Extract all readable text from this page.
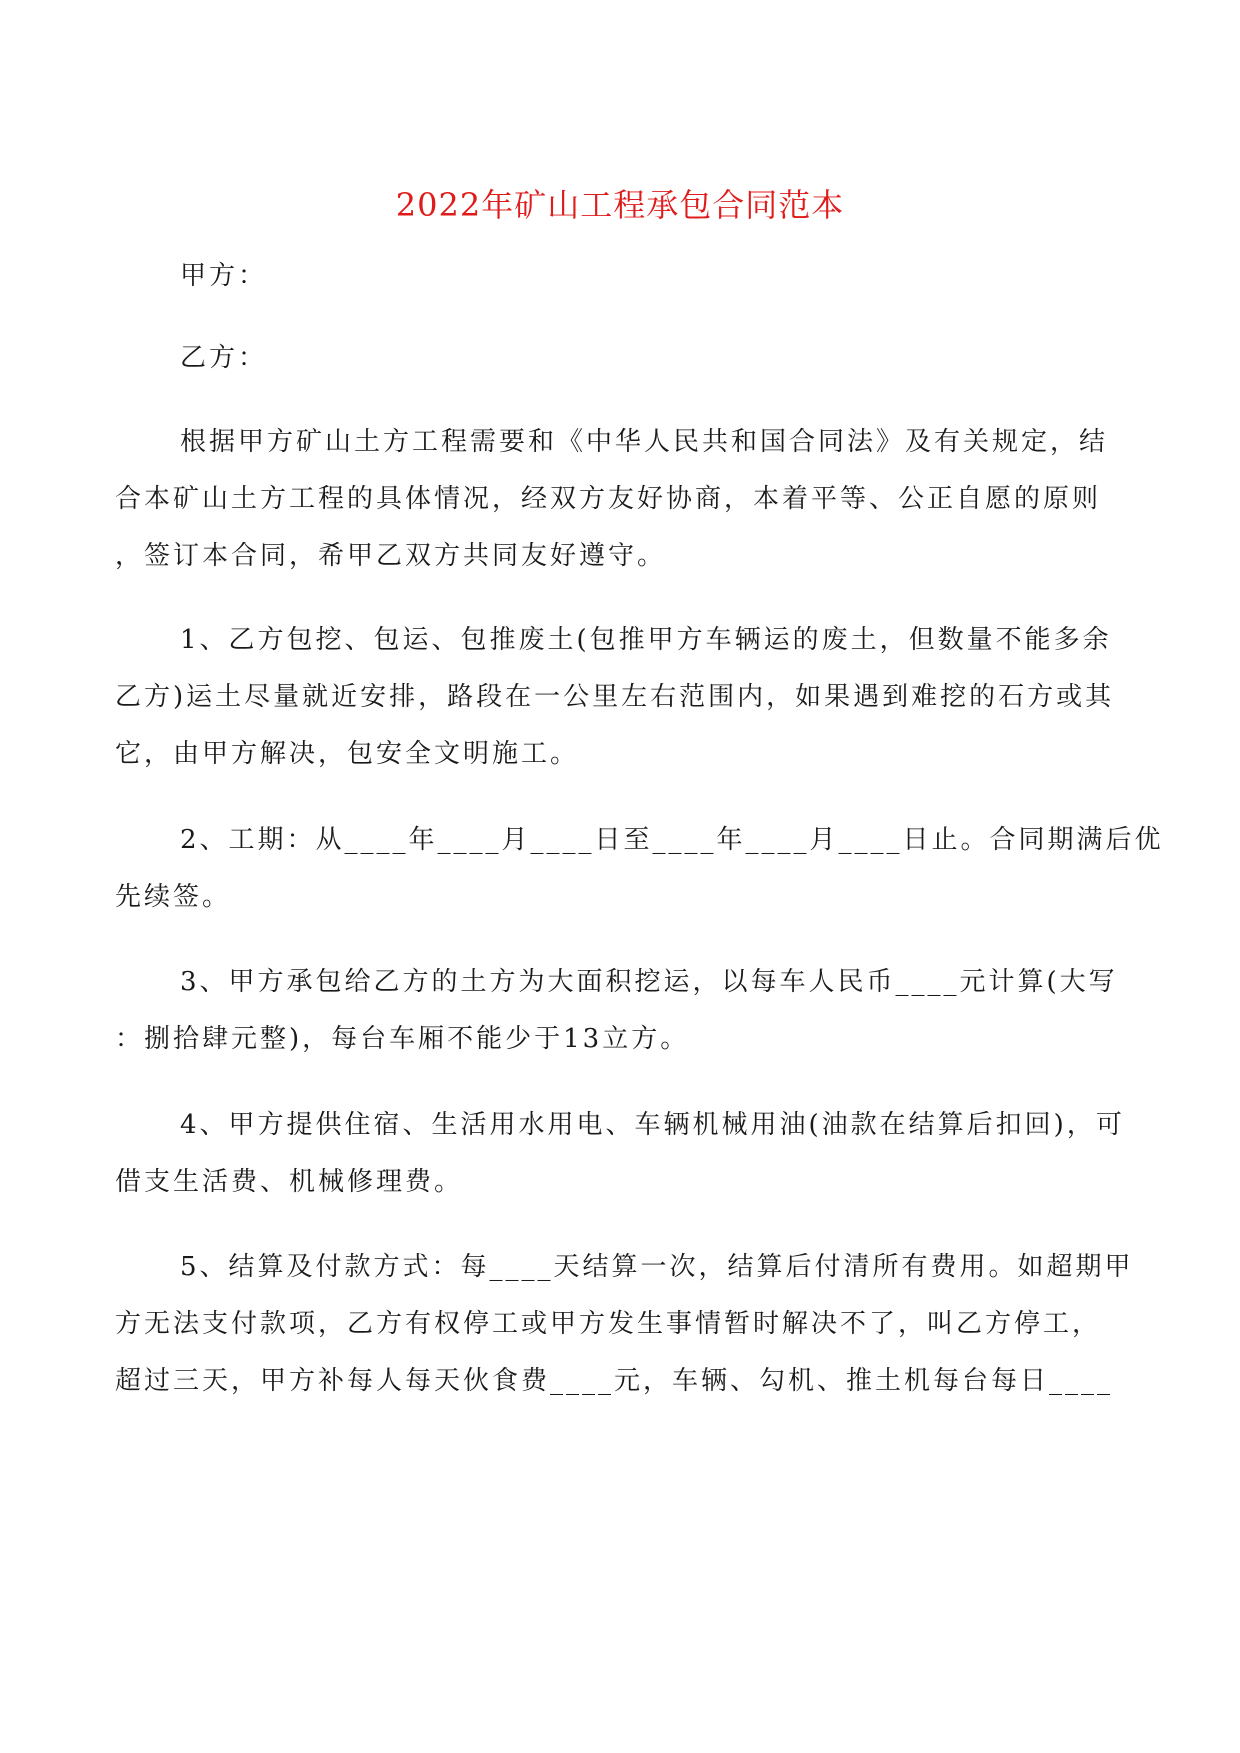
2022年矿山工程承包合同范本
甲方：
乙方：
根据甲方矿山土方工程需要和《中华人民共和国合同法》及有关规定，结
合本矿山土方工程的具体情况，经双方友好协商，本着平等、公正自愿的原则
，签订本合同，希甲乙双方共同友好遵守。
1、乙方包挖、包运、包推废土(包推甲方车辆运的废土，但数量不能多余
乙方)运土尽量就近安排，路段在一公里左右范围内，如果遇到难挖的石方或其
它，由甲方解决，包安全文明施工。
2、工期：从____年____月____日至____年____月____日止。合同期满后优
先续签。
3、甲方承包给乙方的土方为大面积挖运，以每车人民币____元计算(大写
：捌拾肆元整)，每台车厢不能少于13立方。
4、甲方提供住宿、生活用水用电、车辆机械用油(油款在结算后扣回)，可
借支生活费、机械修理费。
5、结算及付款方式：每____天结算一次，结算后付清所有费用。如超期甲
方无法支付款项，乙方有权停工或甲方发生事情暂时解决不了，叫乙方停工，
超过三天，甲方补每人每天伙食费____元，车辆、勾机、推土机每台每日____
